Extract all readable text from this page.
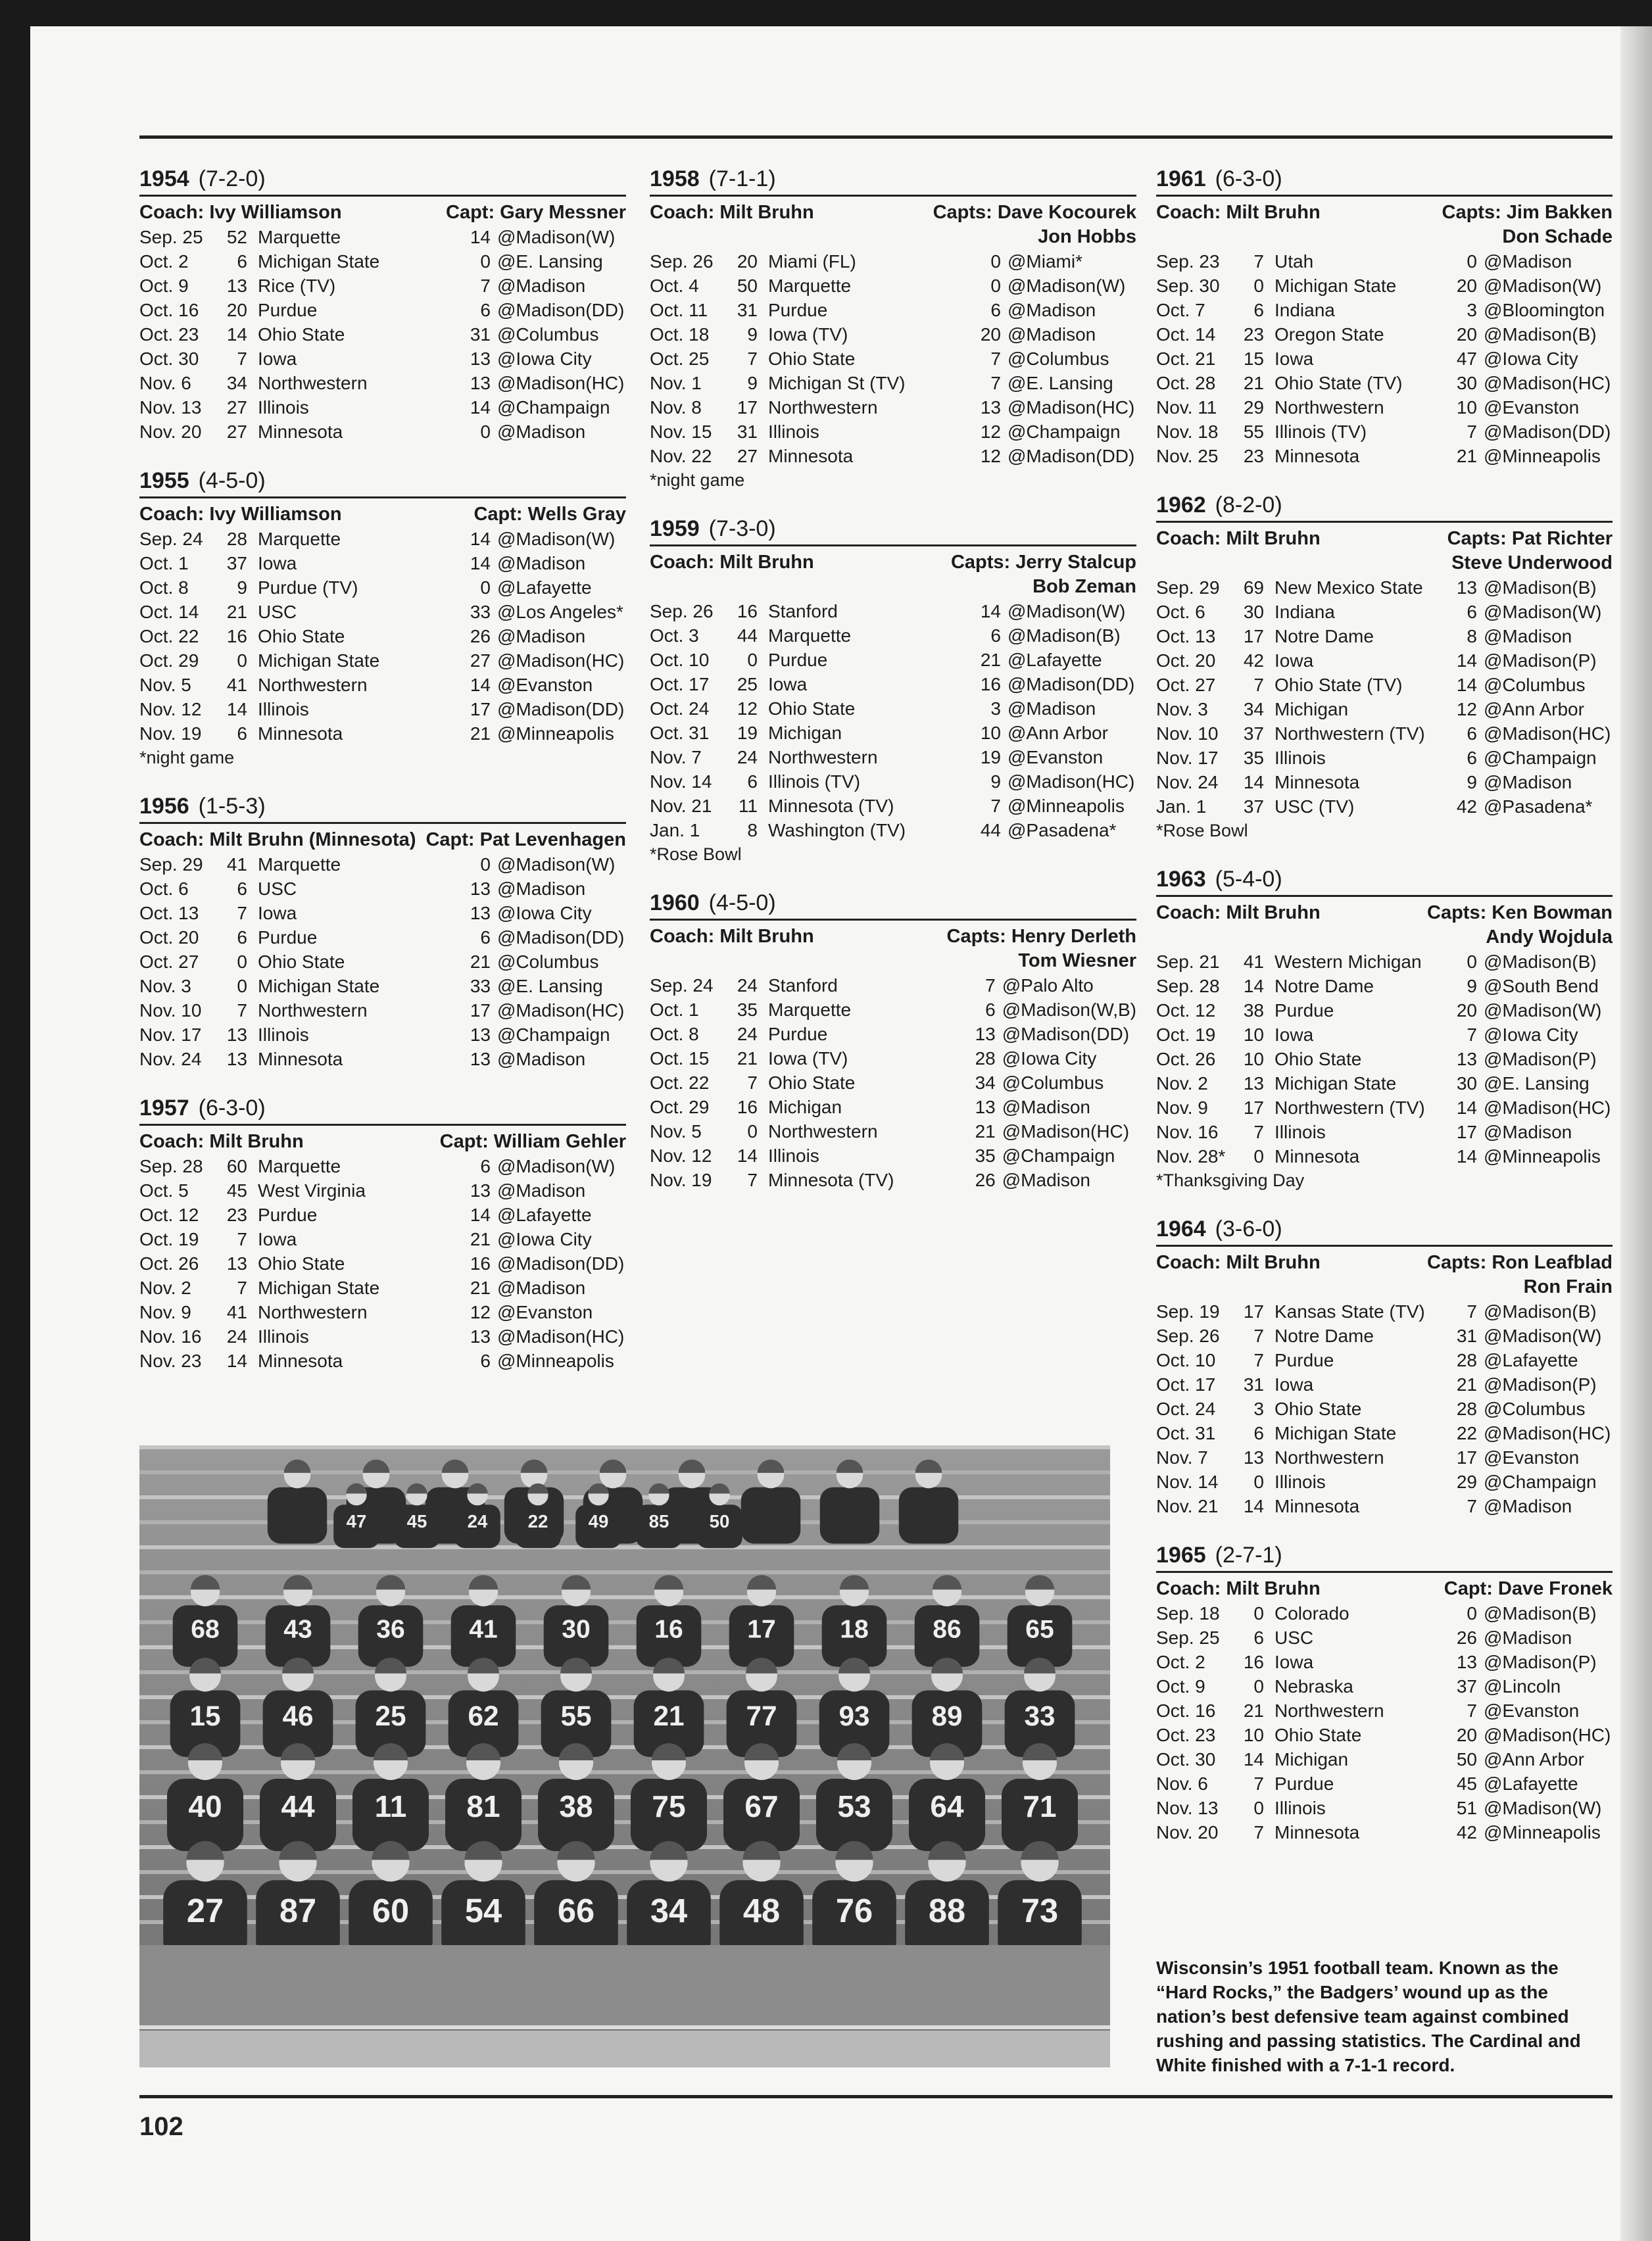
1954 (7-2-0)
Coach: Ivy Williamson	Capt: Gary Messner
Sep. 25	52	Marquette	14	@Madison(W)
Oct. 2	6	Michigan State	0	@E. Lansing
Oct. 9	13	Rice (TV)	7	@Madison
Oct. 16	20	Purdue	6	@Madison(DD)
Oct. 23	14	Ohio State	31	@Columbus
Oct. 30	7	Iowa	13	@Iowa City
Nov. 6	34	Northwestern	13	@Madison(HC)
Nov. 13	27	Illinois	14	@Champaign
Nov. 20	27	Minnesota	0	@Madison
1955 (4-5-0)
Coach: Ivy Williamson	Capt: Wells Gray
Sep. 24	28	Marquette	14	@Madison(W)
Oct. 1	37	Iowa	14	@Madison
Oct. 8	9	Purdue (TV)	0	@Lafayette
Oct. 14	21	USC	33	@Los Angeles*
Oct. 22	16	Ohio State	26	@Madison
Oct. 29	0	Michigan State	27	@Madison(HC)
Nov. 5	41	Northwestern	14	@Evanston
Nov. 12	14	Illinois	17	@Madison(DD)
Nov. 19	6	Minnesota	21	@Minneapolis
*night game
1956 (1-5-3)
Coach: Milt Bruhn (Minnesota) Capt: Pat Levenhagen
Sep. 29	41	Marquette	0	@Madison(W)
Oct. 6	6	USC	13	@Madison
Oct. 13	7	Iowa	13	@Iowa City
Oct. 20	6	Purdue	6	@Madison(DD)
Oct. 27	0	Ohio State	21	@Columbus
Nov. 3	0	Michigan State	33	@E. Lansing
Nov. 10	7	Northwestern	17	@Madison(HC)
Nov. 17	13	Illinois	13	@Champaign
Nov. 24	13	Minnesota	13	@Madison
1957 (6-3-0)
Coach: Milt Bruhn	Capt: William Gehler
Sep. 28	60	Marquette	6	@Madison(W)
Oct. 5	45	West Virginia	13	@Madison
Oct. 12	23	Purdue	14	@Lafayette
Oct. 19	7	Iowa	21	@Iowa City
Oct. 26	13	Ohio State	16	@Madison(DD)
Nov. 2	7	Michigan State	21	@Madison
Nov. 9	41	Northwestern	12	@Evanston
Nov. 16	24	Illinois	13	@Madison(HC)
Nov. 23	14	Minnesota	6	@Minneapolis
1958 (7-1-1)
Coach: Milt Bruhn	Capts: Dave Kocourek
Jon Hobbs
Sep. 26	20	Miami (FL)	0	@Miami*
Oct. 4	50	Marquette	0	@Madison(W)
Oct. 11	31	Purdue	6	@Madison
Oct. 18	9	Iowa (TV)	20	@Madison
Oct. 25	7	Ohio State	7	@Columbus
Nov. 1	9	Michigan St (TV)	7	@E. Lansing
Nov. 8	17	Northwestern	13	@Madison(HC)
Nov. 15	31	Illinois	12	@Champaign
Nov. 22	27	Minnesota	12	@Madison(DD)
*night game
1959 (7-3-0)
Coach: Milt Bruhn	Capts: Jerry Stalcup
Bob Zeman
Sep. 26	16	Stanford	14	@Madison(W)
Oct. 3	44	Marquette	6	@Madison(B)
Oct. 10	0	Purdue	21	@Lafayette
Oct. 17	25	Iowa	16	@Madison(DD)
Oct. 24	12	Ohio State	3	@Madison
Oct. 31	19	Michigan	10	@Ann Arbor
Nov. 7	24	Northwestern	19	@Evanston
Nov. 14	6	Illinois (TV)	9	@Madison(HC)
Nov. 21	11	Minnesota (TV)	7	@Minneapolis
Jan. 1	8	Washington (TV)	44	@Pasadena*
*Rose Bowl
1960 (4-5-0)
Coach: Milt Bruhn	Capts: Henry Derleth
Tom Wiesner
Sep. 24	24	Stanford	7	@Palo Alto
Oct. 1	35	Marquette	6	@Madison(W,B)
Oct. 8	24	Purdue	13	@Madison(DD)
Oct. 15	21	Iowa (TV)	28	@Iowa City
Oct. 22	7	Ohio State	34	@Columbus
Oct. 29	16	Michigan	13	@Madison
Nov. 5	0	Northwestern	21	@Madison(HC)
Nov. 12	14	Illinois	35	@Champaign
Nov. 19	7	Minnesota (TV)	26	@Madison
1961 (6-3-0)
Coach: Milt Bruhn	Capts: Jim Bakken
Don Schade
Sep. 23	7	Utah	0	@Madison
Sep. 30	0	Michigan State	20	@Madison(W)
Oct. 7	6	Indiana	3	@Bloomington
Oct. 14	23	Oregon State	20	@Madison(B)
Oct. 21	15	Iowa	47	@Iowa City
Oct. 28	21	Ohio State (TV)	30	@Madison(HC)
Nov. 11	29	Northwestern	10	@Evanston
Nov. 18	55	Illinois (TV)	7	@Madison(DD)
Nov. 25	23	Minnesota	21	@Minneapolis
1962 (8-2-0)
Coach: Milt Bruhn	Capts: Pat Richter
Steve Underwood
Sep. 29	69	New Mexico State	13	@Madison(B)
Oct. 6	30	Indiana	6	@Madison(W)
Oct. 13	17	Notre Dame	8	@Madison
Oct. 20	42	Iowa	14	@Madison(P)
Oct. 27	7	Ohio State (TV)	14	@Columbus
Nov. 3	34	Michigan	12	@Ann Arbor
Nov. 10	37	Northwestern (TV)	6	@Madison(HC)
Nov. 17	35	Illinois	6	@Champaign
Nov. 24	14	Minnesota	9	@Madison
Jan. 1	37	USC (TV)	42	@Pasadena*
*Rose Bowl
1963 (5-4-0)
Coach: Milt Bruhn	Capts: Ken Bowman
Andy Wojdula
Sep. 21	41	Western Michigan	0	@Madison(B)
Sep. 28	14	Notre Dame	9	@South Bend
Oct. 12	38	Purdue	20	@Madison(W)
Oct. 19	10	Iowa	7	@Iowa City
Oct. 26	10	Ohio State	13	@Madison(P)
Nov. 2	13	Michigan State	30	@E. Lansing
Nov. 9	17	Northwestern (TV)	14	@Madison(HC)
Nov. 16	7	Illinois	17	@Madison
Nov. 28*	0	Minnesota	14	@Minneapolis
*Thanksgiving Day
1964 (3-6-0)
Coach: Milt Bruhn	Capts: Ron Leafblad
Ron Frain
Sep. 19	17	Kansas State (TV)	7	@Madison(B)
Sep. 26	7	Notre Dame	31	@Madison(W)
Oct. 10	7	Purdue	28	@Lafayette
Oct. 17	31	Iowa	21	@Madison(P)
Oct. 24	3	Ohio State	28	@Columbus
Oct. 31	6	Michigan State	22	@Madison(HC)
Nov. 7	13	Northwestern	17	@Evanston
Nov. 14	0	Illinois	29	@Champaign
Nov. 21	14	Minnesota	7	@Madison
1965 (2-7-1)
Coach: Milt Bruhn	Capt: Dave Fronek
Sep. 18	0	Colorado	0	@Madison(B)
Sep. 25	6	USC	26	@Madison
Oct. 2	16	Iowa	13	@Madison(P)
Oct. 9	0	Nebraska	37	@Lincoln
Oct. 16	21	Northwestern	7	@Evanston
Oct. 23	10	Ohio State	20	@Madison(HC)
Oct. 30	14	Michigan	50	@Ann Arbor
Nov. 6	7	Purdue	45	@Lafayette
Nov. 13	0	Illinois	51	@Madison(W)
Nov. 20	7	Minnesota	42	@Minneapolis
47 45 24 22 49 85 50
68 43 36 41 30 16 17 18 86 65
15 46 25 62 55 21 77 93 89 33
40 44 11 81 38 75 67 53 64 71
27 87 60 54 66 34 48 76 88 73
Wisconsin’s 1951 football team. Known as the “Hard Rocks,” the Badgers’ wound up as the nation’s best defensive team against combined rushing and passing statistics. The Cardinal and White finished with a 7-1-1 record.
102
